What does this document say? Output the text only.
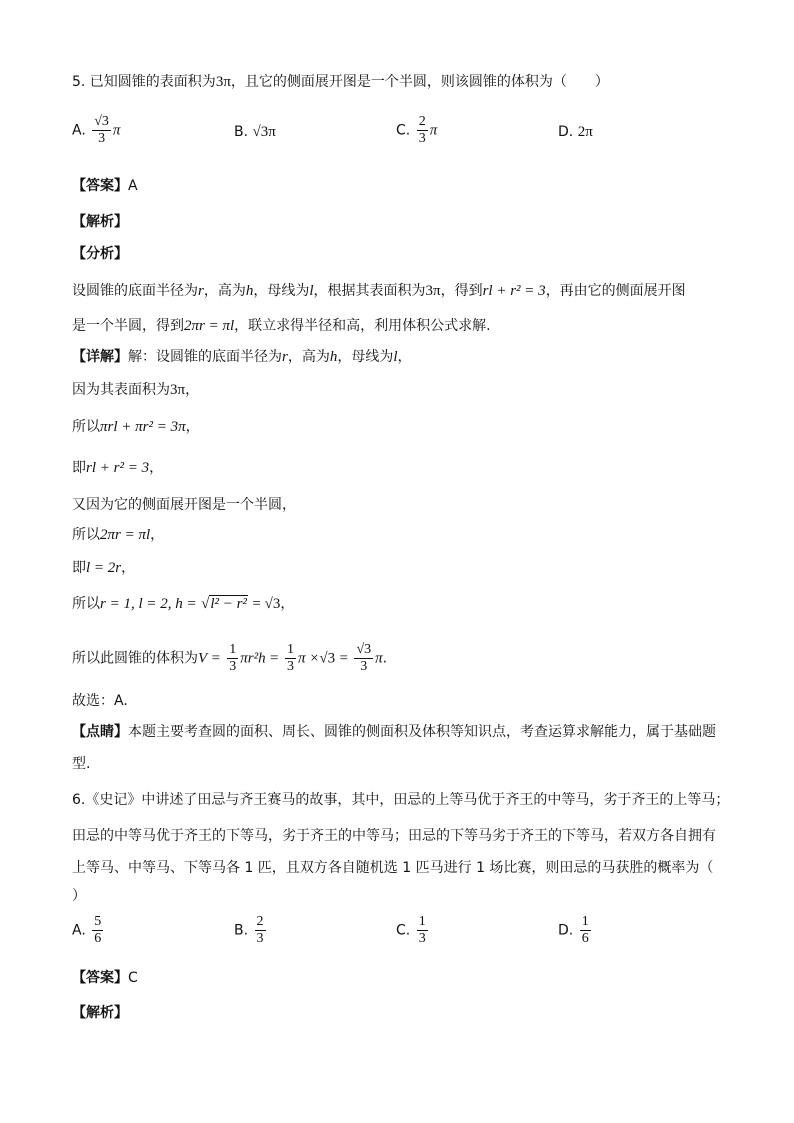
5. 已知圆锥的表面积为3π，且它的侧面展开图是一个半圆，则该圆锥的体积为（　　）
A. $\frac{√3}{3}$ π	B. √3π	C. $\frac{2}{3}$ π	D. 2π
【答案】A
【解析】
【分析】
设圆锥的底面半径为r，高为h，母线为l，根据其表面积为3π，得到rl + r² = 3，再由它的侧面展开图
是一个半圆，得到2πr = πl，联立求得半径和高，利用体积公式求解.
【详解】解：设圆锥的底面半径为r，高为h，母线为l，
因为其表面积为3π，
所以πrl + πr² = 3π，
即rl + r² = 3，
又因为它的侧面展开图是一个半圆，
所以2πr = πl，
即l = 2r，
所以r = 1, l = 2, h = √l² − r² = √3，
所以此圆锥的体积为$V = \frac{1}{3} \pi r^2h = \frac{1}{3}$ $\pi \times√3 = \frac{√3}{3} \pi$.
故选：A.
【点睛】本题主要考查圆的面积、周长、圆锥的侧面积及体积等知识点，考查运算求解能力，属于基础题
型.
6.《史记》中讲述了田忌与齐王赛马的故事，其中，田忌的上等马优于齐王的中等马，劣于齐王的上等马；
田忌的中等马优于齐王的下等马，劣于齐王的中等马；田忌的下等马劣于齐王的下等马，若双方各自拥有
上等马、中等马、下等马各 1 匹，且双方各自随机选 1 匹马进行 1 场比赛，则田忌的马获胜的概率为（
）
A. $\frac{5}{6}$	B. $\frac{2}{3}$	C. $\frac{1}{3}$	D. $\frac{1}{6}$
【答案】C
【解析】
